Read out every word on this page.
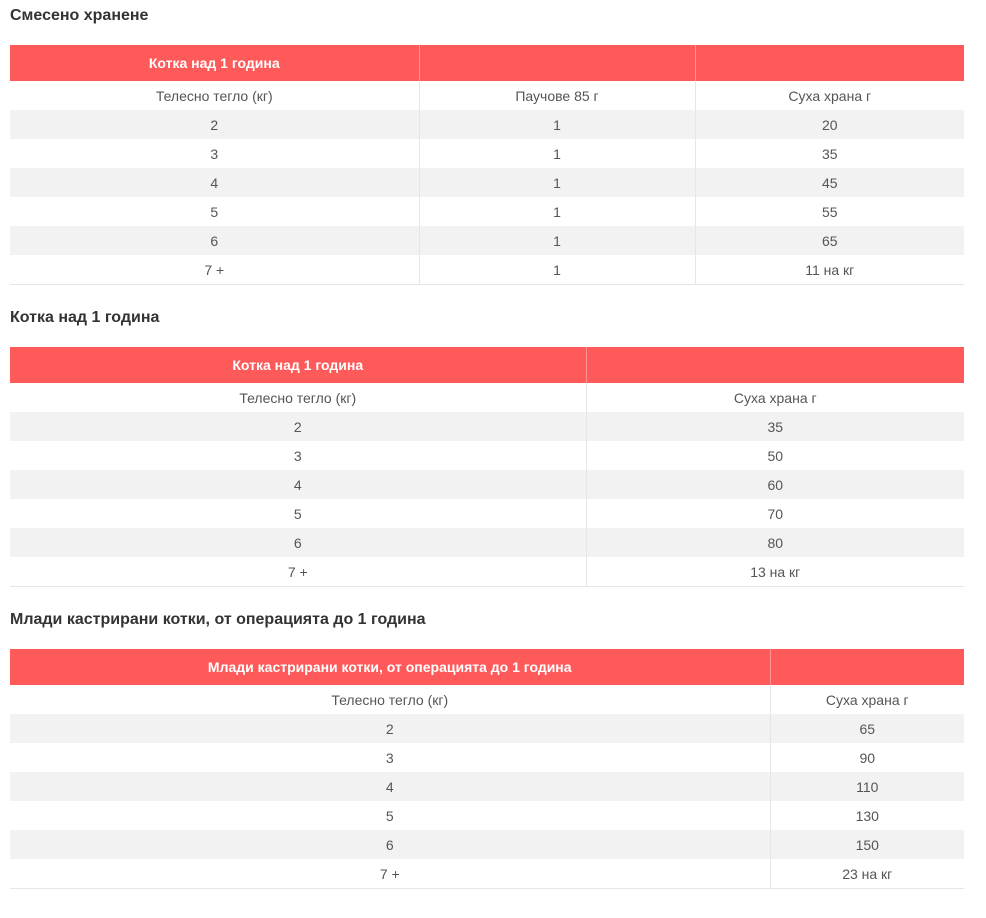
Смесено хранене
Котка над 1 година		
Телесно тегло (кг)	Паучове 85 г	Суха храна г
2	1	20
3	1	35
4	1	45
5	1	55
6	1	65
7 +	1	11 на кг
Котка над 1 година
Котка над 1 година	
Телесно тегло (кг)	Суха храна г
2	35
3	50
4	60
5	70
6	80
7 +	13 на кг
Млади кастрирани котки, от операцията до 1 година
Млади кастрирани котки, от операцията до 1 година	
Телесно тегло (кг)	Суха храна г
2	65
3	90
4	110
5	130
6	150
7 +	23 на кг
